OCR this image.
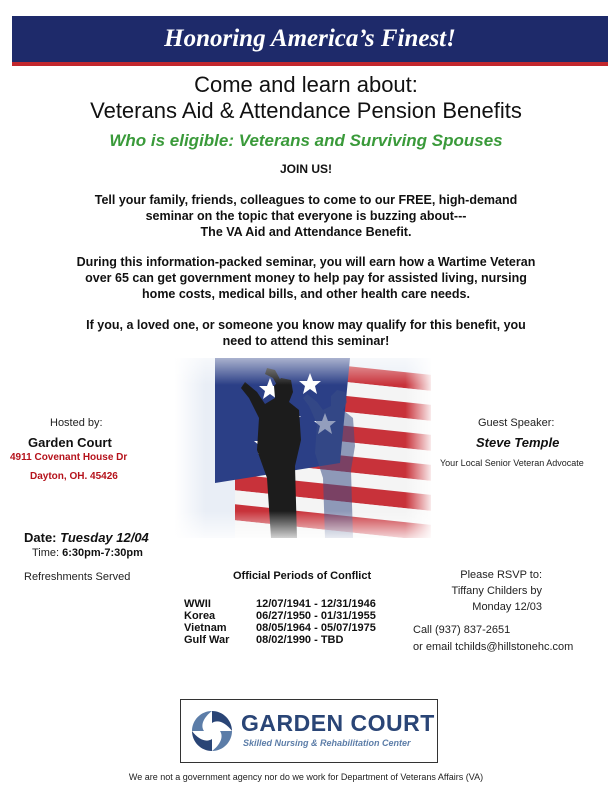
Honoring America’s Finest!
Come and learn about:
Veterans Aid & Attendance Pension Benefits
Who is eligible: Veterans and Surviving Spouses
JOIN US!
Tell your family, friends, colleagues to come to our FREE, high-demand
seminar on the topic that everyone is buzzing about---
The VA Aid and Attendance Benefit.
During this information-packed seminar, you will earn how a Wartime Veteran
over 65 can get government money to help pay for assisted living, nursing
home costs, medical bills, and other health care needs.
If you, a loved one, or someone you know may qualify for this benefit, you
need to attend this seminar!
Hosted by:
Garden Court
4911 Covenant House Dr
Dayton, OH. 45426
Guest Speaker:
Steve Temple
Your Local Senior Veteran Advocate
Date: Tuesday 12/04
Time: 6:30pm-7:30pm
Refreshments Served	Official Periods of Conflict
WWII	12/07/1941 - 12/31/1946
Korea	06/27/1950 - 01/31/1955
Vietnam	08/05/1964 - 05/07/1975
Gulf War	08/02/1990 - TBD
Please RSVP to:
Tiffany Childers by
Monday 12/03
Call (937) 837-2651
or email tchilds@hillstonehc.com
GARDEN COURT
Skilled Nursing & Rehabilitation Center
We are not a government agency nor do we work for Department of Veterans Affairs (VA)
